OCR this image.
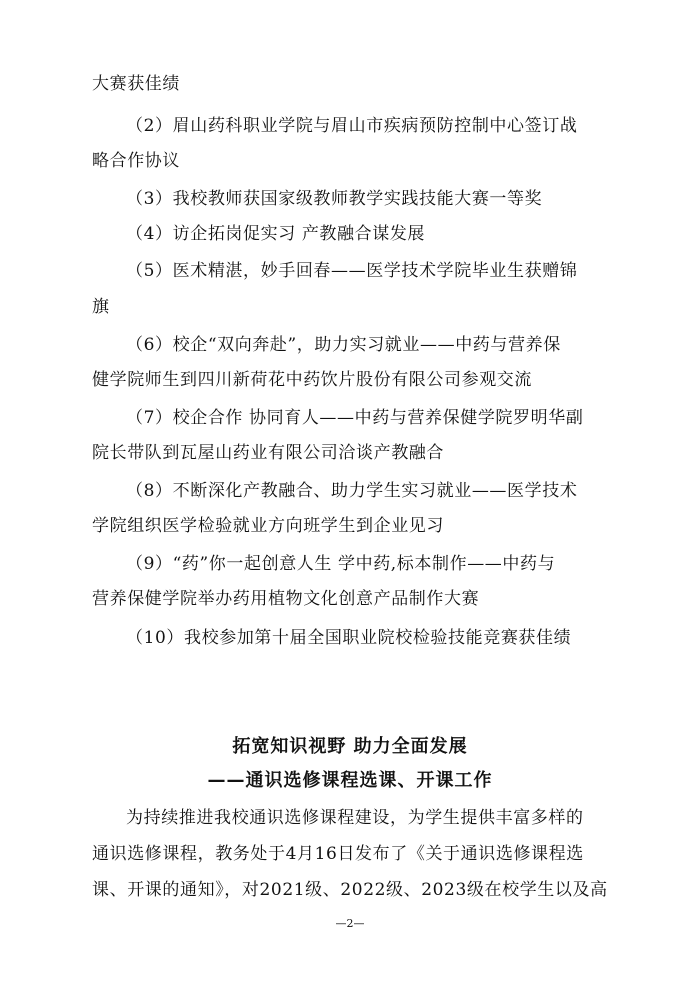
大赛获佳绩
（2）眉山药科职业学院与眉山市疾病预防控制中心签订战
略合作协议
（3）我校教师获国家级教师教学实践技能大赛一等奖
（4）访企拓岗促实习 产教融合谋发展
（5）医术精湛，妙手回春——医学技术学院毕业生获赠锦
旗
（6）校企“双向奔赴”，助力实习就业——中药与营养保
健学院师生到四川新荷花中药饮片股份有限公司参观交流
（7）校企合作 协同育人——中药与营养保健学院罗明华副
院长带队到瓦屋山药业有限公司洽谈产教融合
（8）不断深化产教融合、助力学生实习就业——医学技术
学院组织医学检验就业方向班学生到企业见习
（9）“药”你一起创意人生 学中药,标本制作——中药与
营养保健学院举办药用植物文化创意产品制作大赛
（10）我校参加第十届全国职业院校检验技能竞赛获佳绩
拓宽知识视野 助力全面发展
——通识选修课程选课、开课工作
为持续推进我校通识选修课程建设，为学生提供丰富多样的
通识选修课程，教务处于4月16日发布了《关于通识选修课程选
课、开课的通知》，对2021级、2022级、2023级在校学生以及高
—2—
